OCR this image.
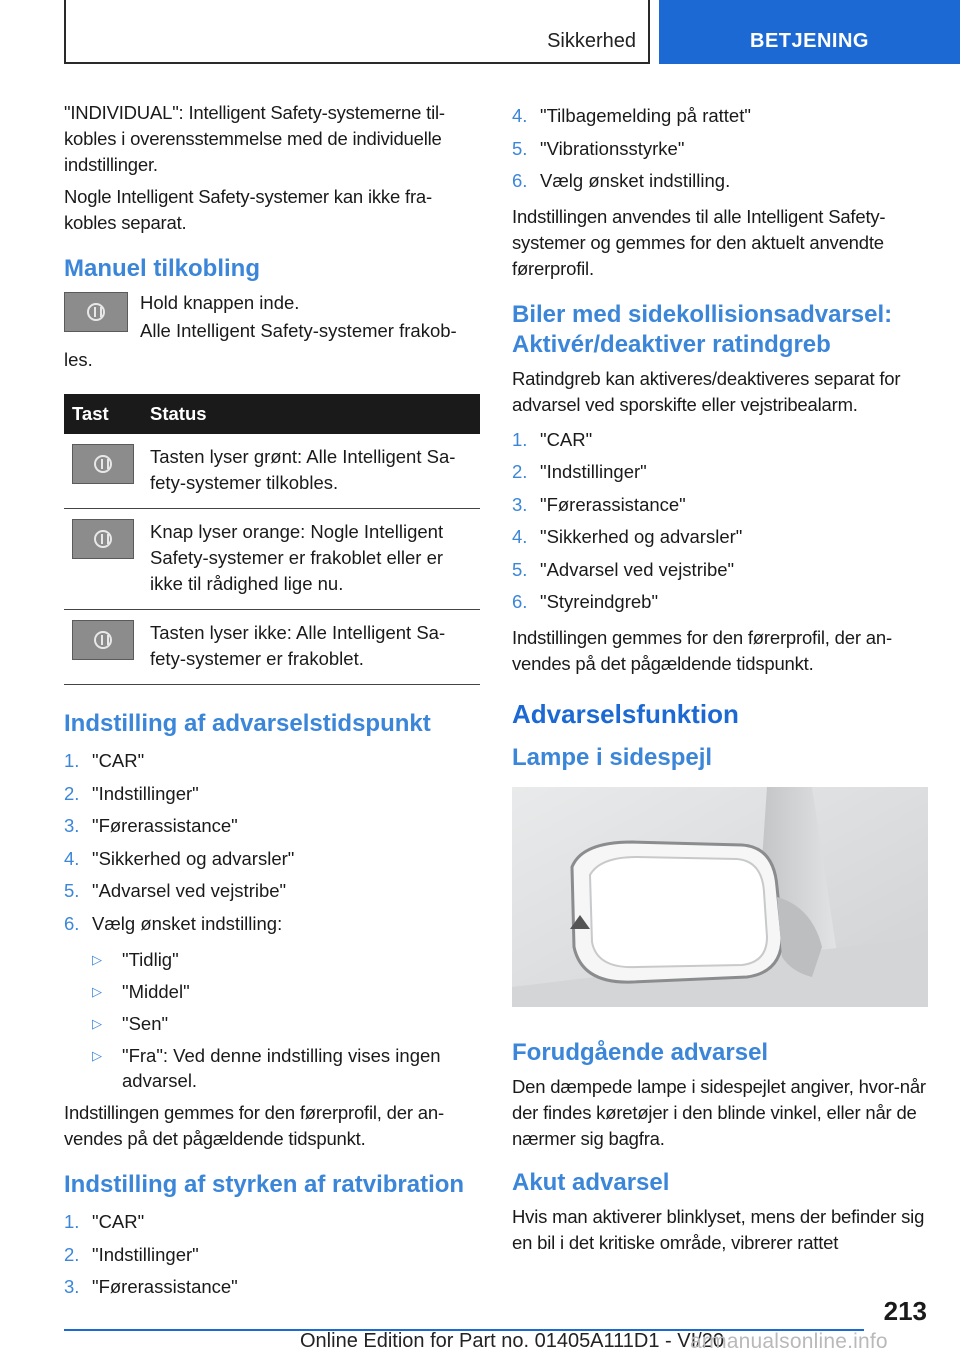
Sikkerhed	BETJENING

"INDIVIDUAL": Intelligent Safety-systemerne til-kobles i overensstemmelse med de individuelle indstillinger.

Nogle Intelligent Safety-systemer kan ikke fra-kobles separat.

Manuel tilkobling
Hold knappen inde.
Alle Intelligent Safety-systemer frakob-les.
Tast	Status

	Tasten lyser grønt: Alle Intelligent Sa-fety-systemer tilkobles.

	Knap lyser orange: Nogle Intelligent Safety-systemer er frakoblet eller er ikke til rådighed lige nu.

	Tasten lyser ikke: Alle Intelligent Sa-fety-systemer er frakoblet.
Indstilling af advarselstidspunkt
1. "CAR"
2. "Indstillinger"
3. "Førerassistance"
4. "Sikkerhed og advarsler"
5. "Advarsel ved vejstribe"
6. Vælg ønsket indstilling:
▷ "Tidlig"
▷ "Middel"
▷ "Sen"
▷ "Fra": Ved denne indstilling vises ingen advarsel.

Indstillingen gemmes for den førerprofil, der an-vendes på det pågældende tidspunkt.

Indstilling af styrken af ratvibration
1. "CAR"
2. "Indstillinger"
3. "Førerassistance"
4. "Tilbagemelding på rattet"
5. "Vibrationsstyrke"
6. Vælg ønsket indstilling.

Indstillingen anvendes til alle Intelligent Safety-systemer og gemmes for den aktuelt anvendte førerprofil.

Biler med sidekollisionsadvarsel: Aktivér/deaktiver ratindgreb

Ratindgreb kan aktiveres/deaktiveres separat for advarsel ved sporskifte eller vejstribealarm.

1. "CAR"
2. "Indstillinger"
3. "Førerassistance"
4. "Sikkerhed og advarsler"
5. "Advarsel ved vejstribe"
6. "Styreindgreb"

Indstillingen gemmes for den førerprofil, der an-vendes på det pågældende tidspunkt.

Advarselsfunktion
Lampe i sidespejl
Forudgående advarsel

Den dæmpede lampe i sidespejlet angiver, hvor-når der findes køretøjer i den blinde vinkel, eller når de nærmer sig bagfra.

Akut advarsel

Hvis man aktiverer blinklyset, mens der befinder sig en bil i det kritiske område, vibrerer rattet

213
Online Edition for Part no. 01405A111D1 - VI/20
armanualsonline.info
